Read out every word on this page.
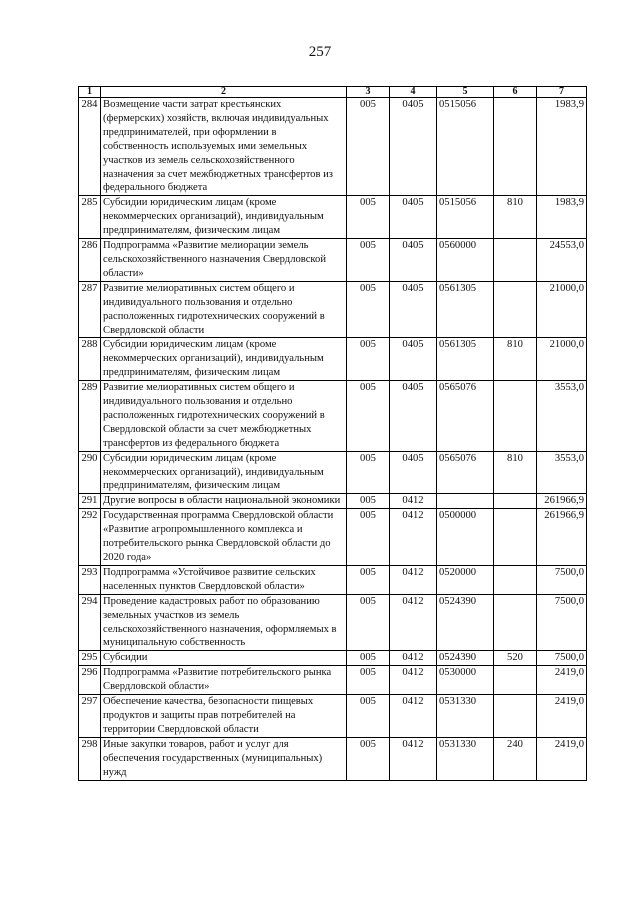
257
1	2	3	4	5	6	7
284	Возмещение части затрат крестьянских (фермерских) хозяйств, включая индивидуальных предпринимателей, при оформлении в собственность используемых ими земельных участков из земель сельскохозяйственного назначения за счет межбюджетных трансфертов из федерального бюджета	005	0405	0515056		1983,9
285	Субсидии юридическим лицам (кроме некоммерческих организаций), индивидуальным предпринимателям, физическим лицам	005	0405	0515056	810	1983,9
286	Подпрограмма «Развитие мелиорации земель сельскохозяйственного назначения Свердловской области»	005	0405	0560000		24553,0
287	Развитие мелиоративных систем общего и индивидуального пользования и отдельно расположенных гидротехнических сооружений в Свердловской области	005	0405	0561305		21000,0
288	Субсидии юридическим лицам (кроме некоммерческих организаций), индивидуальным предпринимателям, физическим лицам	005	0405	0561305	810	21000,0
289	Развитие мелиоративных систем общего и индивидуального пользования и отдельно расположенных гидротехнических сооружений в Свердловской области за счет межбюджетных трансфертов из федерального бюджета	005	0405	0565076		3553,0
290	Субсидии юридическим лицам (кроме некоммерческих организаций), индивидуальным предпринимателям, физическим лицам	005	0405	0565076	810	3553,0
291	Другие вопросы в области национальной экономики	005	0412			261966,9
292	Государственная программа Свердловской области «Развитие агропромышленного комплекса и потребительского рынка Свердловской области до 2020 года»	005	0412	0500000		261966,9
293	Подпрограмма «Устойчивое развитие сельских населенных пунктов Свердловской области»	005	0412	0520000		7500,0
294	Проведение кадастровых работ по образованию земельных участков из земель сельскохозяйственного назначения, оформляемых в муниципальную собственность	005	0412	0524390		7500,0
295	Субсидии	005	0412	0524390	520	7500,0
296	Подпрограмма «Развитие потребительского рынка Свердловской области»	005	0412	0530000		2419,0
297	Обеспечение качества, безопасности пищевых продуктов и защиты прав потребителей на территории Свердловской области	005	0412	0531330		2419,0
298	Иные закупки товаров, работ и услуг для обеспечения государственных (муниципальных) нужд	005	0412	0531330	240	2419,0
